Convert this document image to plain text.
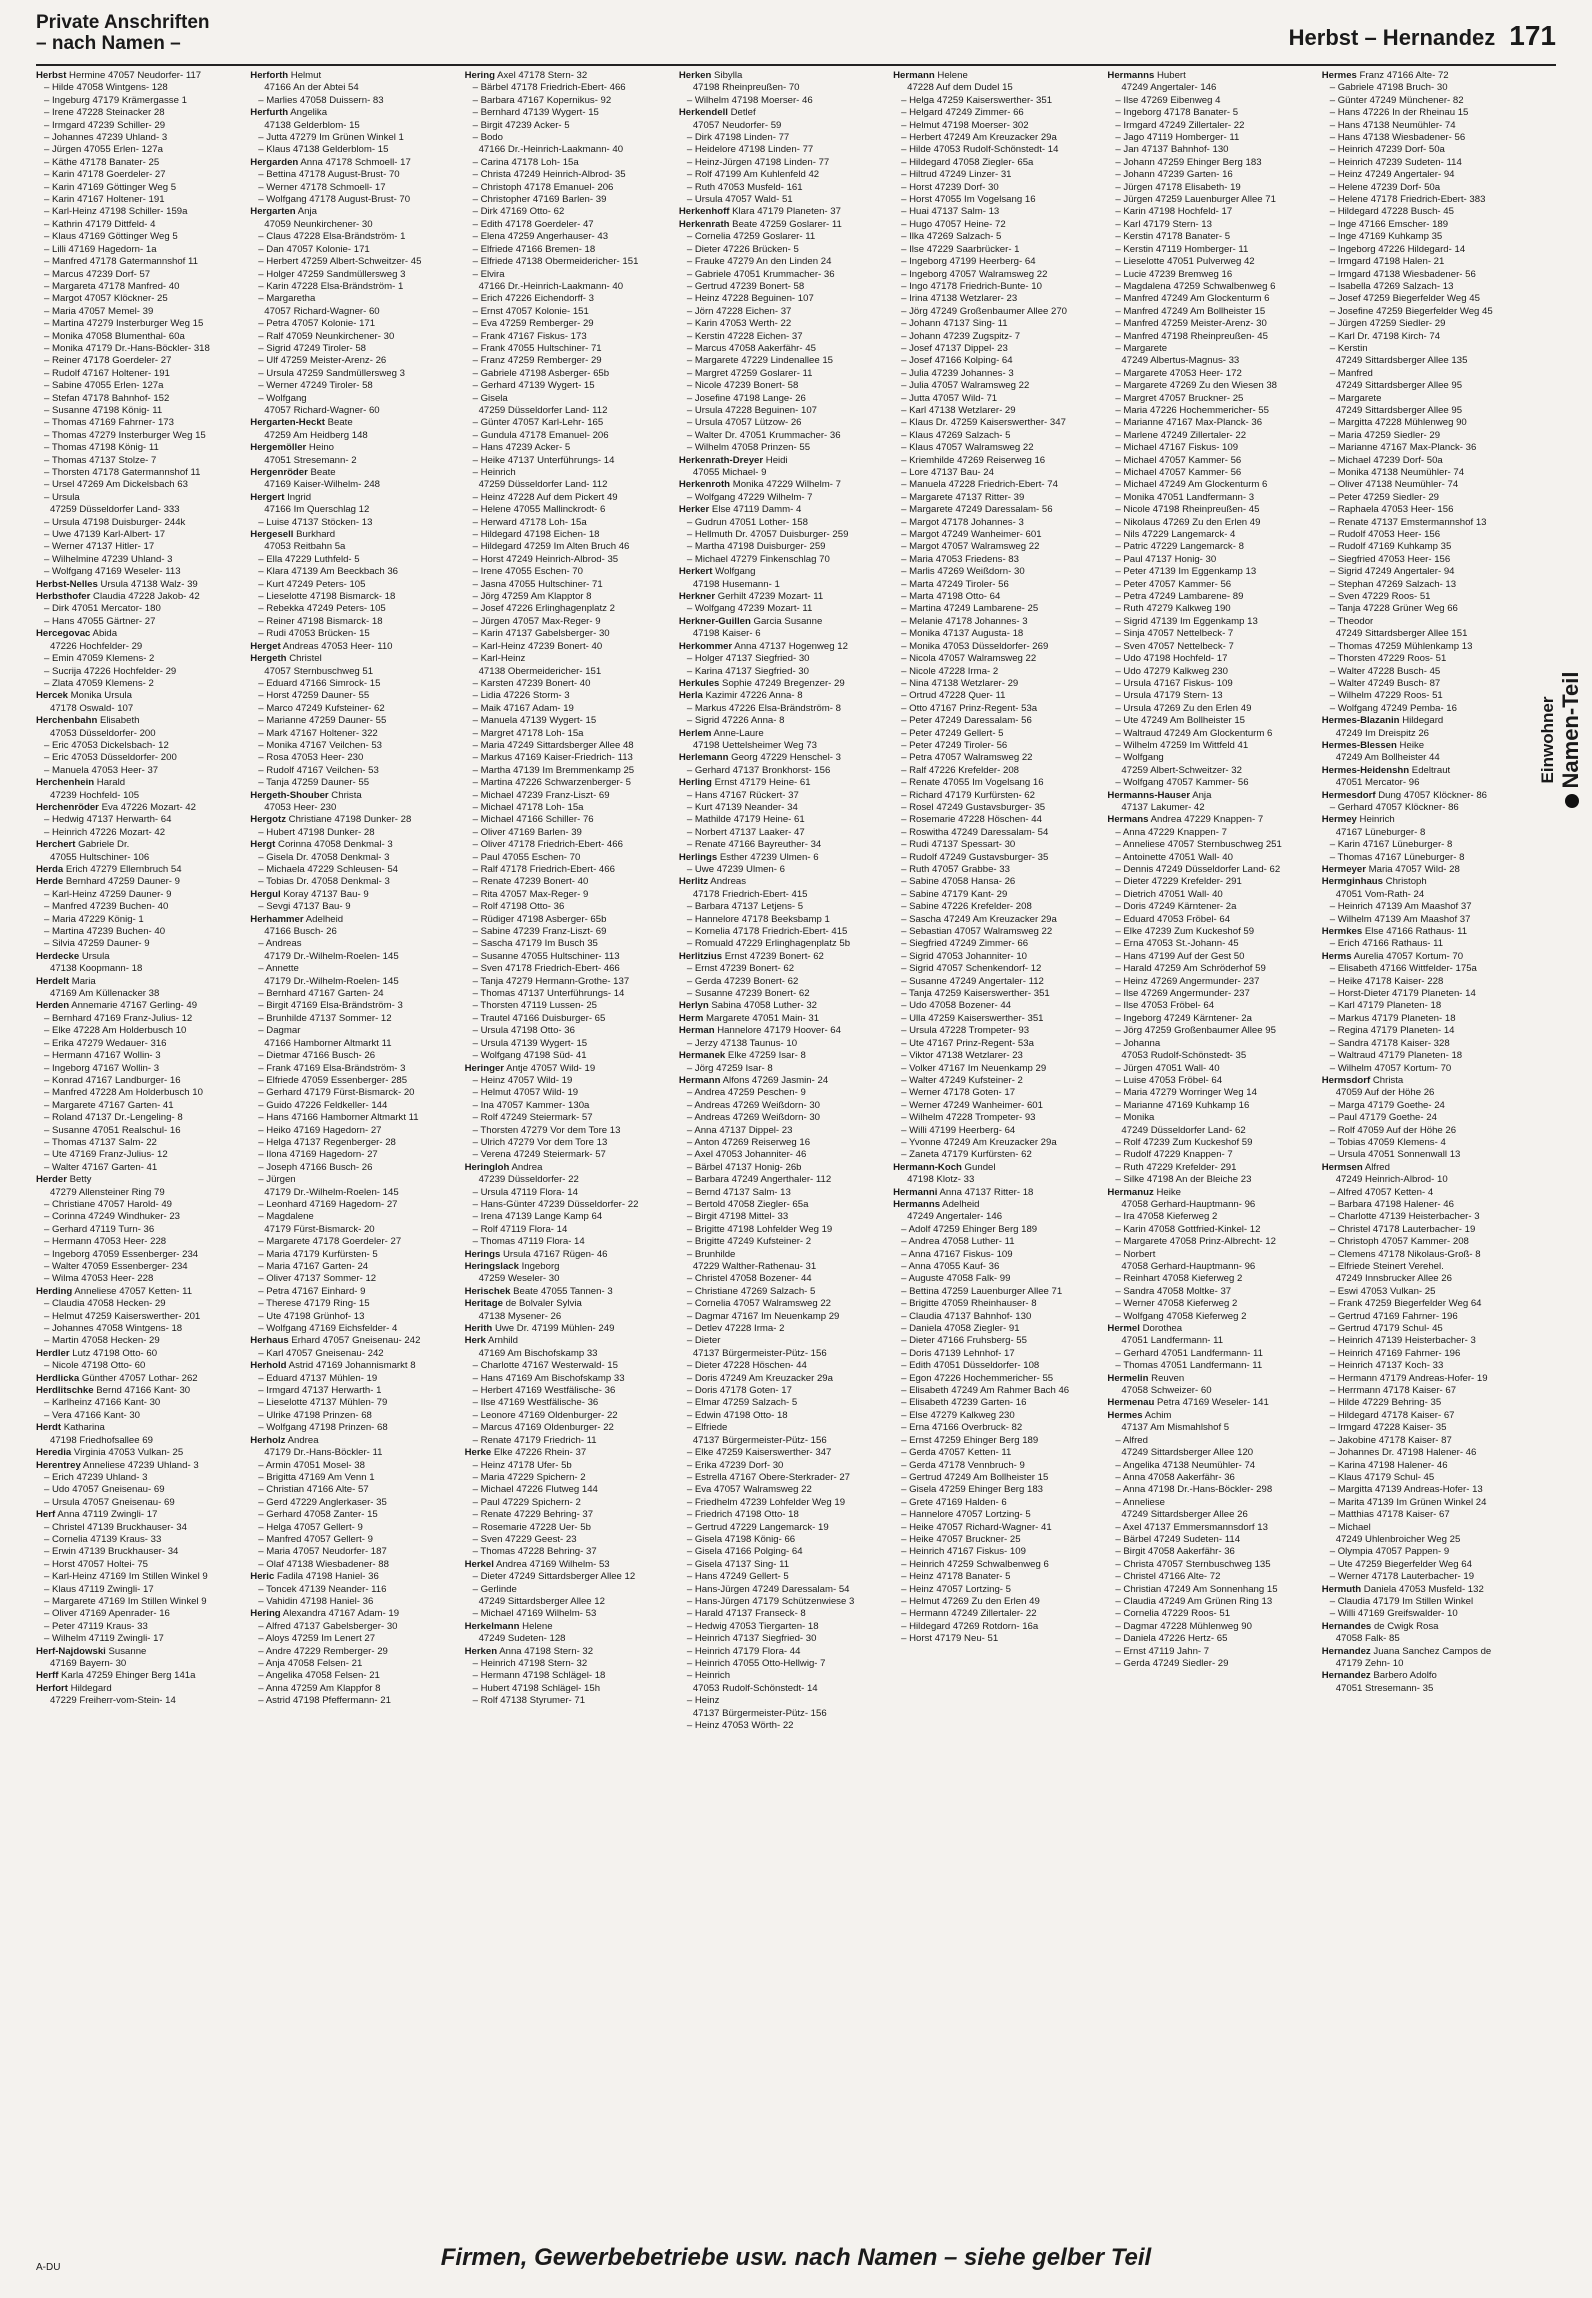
Private Anschriften
– nach Namen –	Herbst – Hernandez 171
Herbst Hermine 47057 Neudorfer- 117
– Hilde 47058 Wintgens- 128
– Ingeburg 47179 Krämergasse 1
– Irene 47228 Steinacker 28
– Irmgard 47239 Schiller- 29
– Johannes 47239 Uhland- 3
– Jürgen 47055 Erlen- 127a
– Käthe 47178 Banater- 25
– Karin 47178 Goerdeler- 27
– Karin 47169 Göttinger Weg 5
– Karin 47167 Holtener- 191
– Karl-Heinz 47198 Schiller- 159a
– Kathrin 47179 Dittfeld- 4
– Klaus 47169 Göttinger Weg 5
– Lilli 47169 Hagedorn- 1a
– Manfred 47178 Gatermannshof 11
– Marcus 47239 Dorf- 57
– Margareta 47178 Manfred- 40
– Margot 47057 Klöckner- 25
– Maria 47057 Memel- 39
– Martina 47279 Insterburger Weg 15
– Monika 47058 Blumenthal- 60a
– Monika 47179 Dr.-Hans-Böckler- 318
– Reiner 47178 Goerdeler- 27
– Rudolf 47167 Holtener- 191
– Sabine 47055 Erlen- 127a
– Stefan 47178 Bahnhof- 152
– Susanne 47198 König- 11
– Thomas 47169 Fahrner- 173
– Thomas 47279 Insterburger Weg 15
– Thomas 47198 König- 11
– Thomas 47137 Stolze- 7
– Thorsten 47178 Gatermannshof 11
– Ursel 47269 Am Dickelsbach 63
– Ursula
47259 Düsseldorfer Land- 333
– Ursula 47198 Duisburger- 244k
– Uwe 47139 Karl-Albert- 17
– Werner 47137 Hitler- 17
– Wilhelmine 47239 Uhland- 3
– Wolfgang 47169 Weseler- 113
Herbst-Nelles Ursula 47138 Walz- 39
Herbsthofer Claudia 47228 Jakob- 42
– Dirk 47051 Mercator- 180
– Hans 47055 Gärtner- 27
Hercegovac Abida
47226 Hochfelder- 29
– Emin 47059 Klemens- 2
– Sucrija 47226 Hochfelder- 29
– Zlata 47059 Klemens- 2
Hercek Monika Ursula
47178 Oswald- 107
Herchenbahn Elisabeth
47053 Düsseldorfer- 200
– Eric 47053 Dickelsbach- 12
– Eric 47053 Düsseldorfer- 200
– Manuela 47053 Heer- 37
Herchenhein Harald
47239 Hochfeld- 105
Herchenröder Eva 47226 Mozart- 42
– Hedwig 47137 Herwarth- 64
– Heinrich 47226 Mozart- 42
Herchert Gabriele Dr.
47055 Hultschiner- 106
Herda Erich 47279 Ellernbruch 54
Herde Bernhard 47259 Dauner- 9
– Karl-Heinz 47259 Dauner- 9
– Manfred 47239 Buchen- 40
– Maria 47229 König- 1
– Martina 47239 Buchen- 40
– Silvia 47259 Dauner- 9
Herdecke Ursula
47138 Koopmann- 18
Herdelt Maria
47169 Am Küllenacker 38
Herden Annemarie 47167 Gerling- 49
– Bernhard 47169 Franz-Julius- 12
– Elke 47228 Am Holderbusch 10
– Erika 47279 Wedauer- 316
– Hermann 47167 Wollin- 3
– Ingeborg 47167 Wollin- 3
– Konrad 47167 Landburger- 16
– Manfred 47228 Am Holderbusch 10
– Margarete 47167 Garten- 41
– Roland 47137 Dr.-Lengeling- 8
– Susanne 47051 Realschul- 16
– Thomas 47137 Salm- 22
– Ute 47169 Franz-Julius- 12
– Walter 47167 Garten- 41
Herder Betty
47279 Allensteiner Ring 79
– Christiane 47057 Harold- 49
– Corinna 47249 Windhuker- 23
– Gerhard 47119 Turn- 36
– Hermann 47053 Heer- 228
– Ingeborg 47059 Essenberger- 234
– Walter 47059 Essenberger- 234
– Wilma 47053 Heer- 228
Herding Anneliese 47057 Ketten- 11
– Claudia 47058 Hecken- 29
– Helmut 47259 Kaiserswerther- 201
– Johannes 47058 Wintgens- 18
– Martin 47058 Hecken- 29
Herdler Lutz 47198 Otto- 60
– Nicole 47198 Otto- 60
Herdlicka Günther 47057 Lothar- 262
Herdlitschke Bernd 47166 Kant- 30
– Karlheinz 47166 Kant- 30
– Vera 47166 Kant- 30
Herdt Katharina
47198 Friedhofsallee 69
Heredia Virginia 47053 Vulkan- 25
Herentrey Anneliese 47239 Uhland- 3
– Erich 47239 Uhland- 3
– Udo 47057 Gneisenau- 69
– Ursula 47057 Gneisenau- 69
Herf Anna 47119 Zwingli- 17
– Christel 47139 Bruckhauser- 34
– Cornelia 47139 Kraus- 33
– Erwin 47139 Bruckhauser- 34
– Horst 47057 Holtei- 75
– Karl-Heinz 47169 Im Stillen Winkel 9
– Klaus 47119 Zwingli- 17
– Margarete 47169 Im Stillen Winkel 9
– Oliver 47169 Apenrader- 16
– Peter 47119 Kraus- 33
– Wilhelm 47119 Zwingli- 17
Herf-Najdowski Susanne
47169 Bayern- 30
Herff Karla 47259 Ehinger Berg 141a
Herfort Hildegard
47229 Freiherr-vom-Stein- 14
Herforth Helmut
47166 An der Abtei 54
– Marlies 47058 Duissern- 83
Herfurth Angelika
47138 Gelderblom- 15
– Jutta 47279 Im Grünen Winkel 1
– Klaus 47138 Gelderblom- 15
Hergarden Anna 47178 Schmoell- 17
– Bettina 47178 August-Brust- 70
– Werner 47178 Schmoell- 17
– Wolfgang 47178 August-Brust- 70
Hergarten Anja
47059 Neunkirchener- 30
– Claus 47228 Elsa-Brändström- 1
– Dan 47057 Kolonie- 171
– Herbert 47259 Albert-Schweitzer- 45
– Holger 47259 Sandmüllersweg 3
– Karin 47228 Elsa-Brändström- 1
– Margaretha
47057 Richard-Wagner- 60
– Petra 47057 Kolonie- 171
– Ralf 47059 Neunkirchener- 30
– Sigrid 47249 Tiroler- 58
– Ulf 47259 Meister-Arenz- 26
– Ursula 47259 Sandmüllersweg 3
– Werner 47249 Tiroler- 58
– Wolfgang
47057 Richard-Wagner- 60
Hergarten-Heckt Beate
47259 Am Heidberg 148
Hergemöller Heino
47051 Stresemann- 2
Hergenröder Beate
47169 Kaiser-Wilhelm- 248
Hergert Ingrid
47166 Im Querschlag 12
– Luise 47137 Stöcken- 13
Hergesell Burkhard
47053 Reitbahn 5a
– Ella 47229 Luthfeld- 5
– Klara 47139 Am Beeckbach 36
– Kurt 47249 Peters- 105
– Lieselotte 47198 Bismarck- 18
– Rebekka 47249 Peters- 105
– Reiner 47198 Bismarck- 18
– Rudi 47053 Brücken- 15
Herget Andreas 47053 Heer- 110
Hergeth Christel
47057 Sternbuschweg 51
– Eduard 47166 Simrock- 15
– Horst 47259 Dauner- 55
– Marco 47249 Kufsteiner- 62
– Marianne 47259 Dauner- 55
– Mark 47167 Holtener- 322
– Monika 47167 Veilchen- 53
– Rosa 47053 Heer- 230
– Rudolf 47167 Veilchen- 53
– Tanja 47259 Dauner- 55
Hergeth-Shouber Christa
47053 Heer- 230
Hergotz Christiane 47198 Dunker- 28
– Hubert 47198 Dunker- 28
Hergt Corinna 47058 Denkmal- 3
– Gisela Dr. 47058 Denkmal- 3
– Michaela 47229 Schleusen- 54
– Tobias Dr. 47058 Denkmal- 3
Hergul Koray 47137 Bau- 9
– Sevgi 47137 Bau- 9
Herhammer Adelheid
47166 Busch- 26
– Andreas
47179 Dr.-Wilhelm-Roelen- 145
– Annette
47179 Dr.-Wilhelm-Roelen- 145
– Bernhard 47167 Garten- 24
– Birgit 47169 Elsa-Brändström- 3
– Brunhilde 47137 Sommer- 12
– Dagmar
47166 Hamborner Altmarkt 11
– Dietmar 47166 Busch- 26
– Frank 47169 Elsa-Brändström- 3
– Elfriede 47059 Essenberger- 285
– Gerhard 47179 Fürst-Bismarck- 20
– Guido 47226 Feldkeller- 144
– Hans 47166 Hamborner Altmarkt 11
– Heiko 47169 Hagedorn- 27
– Helga 47137 Regenberger- 28
– Ilona 47169 Hagedorn- 27
– Joseph 47166 Busch- 26
– Jürgen
47179 Dr.-Wilhelm-Roelen- 145
– Leonhard 47169 Hagedorn- 27
– Magdalene
47179 Fürst-Bismarck- 20
– Margarete 47178 Goerdeler- 27
– Maria 47179 Kurfürsten- 5
– Maria 47167 Garten- 24
– Oliver 47137 Sommer- 12
– Petra 47167 Einhard- 9
– Therese 47179 Ring- 15
– Ute 47198 Grünhof- 13
– Wolfgang 47169 Eichsfelder- 4
Herhaus Erhard 47057 Gneisenau- 242
– Karl 47057 Gneisenau- 242
Herhold Astrid 47169 Johannismarkt 8
– Eduard 47137 Mühlen- 19
– Irmgard 47137 Herwarth- 1
– Lieselotte 47137 Mühlen- 79
– Ulrike 47198 Prinzen- 68
– Wolfgang 47198 Prinzen- 68
Herholz Andrea
47179 Dr.-Hans-Böckler- 11
– Armin 47051 Mosel- 38
– Brigitta 47169 Am Venn 1
– Christian 47166 Alte- 57
– Gerd 47229 Anglerkaser- 35
– Gerhard 47058 Zanter- 15
– Helga 47057 Gellert- 9
– Manfred 47057 Gellert- 9
– Maria 47057 Neudorfer- 187
– Olaf 47138 Wiesbadener- 88
Heric Fadila 47198 Haniel- 36
– Toncek 47139 Neander- 116
– Vahidin 47198 Haniel- 36
Hering Alexandra 47167 Adam- 19
– Alfred 47137 Gabelsberger- 30
– Aloys 47259 Im Lenert 27
– Andre 47229 Remberger- 29
– Anja 47058 Felsen- 21
– Angelika 47058 Felsen- 21
– Anna 47259 Am Klappfor 8
– Astrid 47198 Pfeffermann- 21
Hering Axel 47178 Stern- 32
– Bärbel 47178 Friedrich-Ebert- 466
– Barbara 47167 Kopernikus- 92
– Bernhard 47139 Wygert- 15
– Birgit 47239 Acker- 5
– Bodo
47166 Dr.-Heinrich-Laakmann- 40
– Carina 47178 Loh- 15a
– Christa 47249 Heinrich-Albrod- 35
– Christoph 47178 Emanuel- 206
– Christopher 47169 Barlen- 39
– Dirk 47169 Otto- 62
– Edith 47178 Goerdeler- 47
– Elena 47259 Angerhauser- 43
– Elfriede 47166 Bremen- 18
– Elfriede 47138 Obermeidericher- 151
– Elvira
47166 Dr.-Heinrich-Laakmann- 40
– Erich 47226 Eichendorff- 3
– Ernst 47057 Kolonie- 151
– Eva 47259 Remberger- 29
– Frank 47167 Fiskus- 173
– Frank 47055 Hultschiner- 71
– Franz 47259 Remberger- 29
– Gabriele 47198 Asberger- 65b
– Gerhard 47139 Wygert- 15
– Gisela
47259 Düsseldorfer Land- 112
– Günter 47057 Karl-Lehr- 165
– Gundula 47178 Emanuel- 206
– Hans 47239 Acker- 5
– Heike 47137 Unterführungs- 14
– Heinrich
47259 Düsseldorfer Land- 112
– Heinz 47228 Auf dem Pickert 49
– Helene 47055 Mallinckrodt- 6
– Herward 47178 Loh- 15a
– Hildegard 47198 Eichen- 18
– Hildegard 47259 Im Alten Bruch 46
– Horst 47249 Heinrich-Albrod- 35
– Irene 47055 Eschen- 70
– Jasna 47055 Hultschiner- 71
– Jörg 47259 Am Klapptor 8
– Josef 47226 Erlinghagenplatz 2
– Jürgen 47057 Max-Reger- 9
– Karin 47137 Gabelsberger- 30
– Karl-Heinz 47239 Bonert- 40
– Karl-Heinz
47138 Obermeidericher- 151
– Karsten 47239 Bonert- 40
– Lidia 47226 Storm- 3
– Maik 47167 Adam- 19
– Manuela 47139 Wygert- 15
– Margret 47178 Loh- 15a
– Maria 47249 Sittardsberger Allee 48
– Markus 47169 Kaiser-Friedrich- 113
– Martha 47139 Im Bremmenkamp 25
– Martina 47226 Schwarzenberger- 5
– Michael 47239 Franz-Liszt- 69
– Michael 47178 Loh- 15a
– Michael 47166 Schiller- 76
– Oliver 47169 Barlen- 39
– Oliver 47178 Friedrich-Ebert- 466
– Paul 47055 Eschen- 70
– Ralf 47178 Friedrich-Ebert- 466
– Renate 47239 Bonert- 40
– Rita 47057 Max-Reger- 9
– Rolf 47198 Otto- 36
– Rüdiger 47198 Asberger- 65b
– Sabine 47239 Franz-Liszt- 69
– Sascha 47179 Im Busch 35
– Susanne 47055 Hultschiner- 113
– Sven 47178 Friedrich-Ebert- 466
– Tanja 47279 Hermann-Grothe- 137
– Thomas 47137 Unterführungs- 14
– Thorsten 47119 Lussen- 25
– Trautel 47166 Duisburger- 65
– Ursula 47198 Otto- 36
– Ursula 47139 Wygert- 15
– Wolfgang 47198 Süd- 41
Heringer Antje 47057 Wild- 19
– Heinz 47057 Wild- 19
– Helmut 47057 Wild- 19
– Ina 47057 Kammer- 130a
– Rolf 47249 Steiermark- 57
– Thorsten 47279 Vor dem Tore 13
– Ulrich 47279 Vor dem Tore 13
– Verena 47249 Steiermark- 57
Heringloh Andrea
47239 Düsseldorfer- 22
– Ursula 47119 Flora- 14
– Hans-Günter 47239 Düsseldorfer- 22
– Irena 47139 Lange Kamp 64
– Rolf 47119 Flora- 14
– Thomas 47119 Flora- 14
Herings Ursula 47167 Rügen- 46
Heringslack Ingeborg
47259 Weseler- 30
Herischek Beate 47055 Tannen- 3
Heritage de Bolvaler Sylvia
47138 Mysener- 26
Herith Uwe Dr. 47199 Mühlen- 249
Herk Arnhild
47169 Am Bischofskamp 33
– Charlotte 47167 Westerwald- 15
– Hans 47169 Am Bischofskamp 33
– Herbert 47169 Westfälische- 36
– Ilse 47169 Westfälische- 36
– Leonore 47169 Oldenburger- 22
– Marcus 47169 Oldenburger- 22
– Renate 47179 Friedrich- 11
Herke Elke 47226 Rhein- 37
– Heinz 47178 Ufer- 5b
– Maria 47229 Spichern- 2
– Michael 47226 Flutweg 144
– Paul 47229 Spichern- 2
– Renate 47229 Behring- 37
– Rosemarie 47228 Uer- 5b
– Sven 47229 Geest- 23
– Thomas 47228 Behring- 37
Herkel Andrea 47169 Wilhelm- 53
– Dieter 47249 Sittardsberger Allee 12
– Gerlinde
47249 Sittardsberger Allee 12
– Michael 47169 Wilhelm- 53
Herkelmann Helene
47249 Sudeten- 128
Herken Anna 47198 Stern- 32
– Heinrich 47198 Stern- 32
– Hermann 47198 Schlägel- 18
– Hubert 47198 Schlägel- 15h
– Rolf 47138 Styrumer- 71
Herken Sibylla
47198 Rheinpreußen- 70
– Wilhelm 47198 Moerser- 46
Herkendell Detlef
47057 Neudorfer- 59
– Dirk 47198 Linden- 77
– Heidelore 47198 Linden- 77
– Heinz-Jürgen 47198 Linden- 77
– Rolf 47199 Am Kuhlenfeld 42
– Ruth 47053 Musfeld- 161
– Ursula 47057 Wald- 51
Herkenhoff Klara 47179 Planeten- 37
Herkenrath Beate 47259 Goslarer- 11
– Cornelia 47259 Goslarer- 11
– Dieter 47226 Brücken- 5
– Frauke 47279 An den Linden 24
– Gabriele 47051 Krummacher- 36
– Gertrud 47239 Bonert- 58
– Heinz 47228 Beguinen- 107
– Jörn 47228 Eichen- 37
– Karin 47053 Werth- 22
– Kerstin 47228 Eichen- 37
– Marcus 47058 Aakerfähr- 45
– Margarete 47229 Lindenallee 15
– Margret 47259 Goslarer- 11
– Nicole 47239 Bonert- 58
– Josefine 47198 Lange- 26
– Ursula 47228 Beguinen- 107
– Ursula 47057 Lützow- 26
– Walter Dr. 47051 Krummacher- 36
– Wilhelm 47058 Prinzen- 55
Herkenrath-Dreyer Heidi
47055 Michael- 9
Herkenroth Monika 47229 Wilhelm- 7
– Wolfgang 47229 Wilhelm- 7
Herker Else 47119 Damm- 4
– Gudrun 47051 Lother- 158
– Hellmuth Dr. 47057 Duisburger- 259
– Martha 47198 Duisburger- 259
– Michael 47279 Finkenschlag 70
Herkert Wolfgang
47198 Husemann- 1
Herkner Gerhilt 47239 Mozart- 11
– Wolfgang 47239 Mozart- 11
Herkner-Guillen Garcia Susanne
47198 Kaiser- 6
Herkommer Anna 47137 Hogenweg 12
– Holger 47137 Siegfried- 30
– Karina 47137 Siegfried- 30
Herkules Sophie 47249 Bregenzer- 29
Herla Kazimir 47226 Anna- 8
– Markus 47226 Elsa-Brändström- 8
– Sigrid 47226 Anna- 8
Herlem Anne-Laure
47198 Uettelsheimer Weg 73
Herlemann Georg 47229 Henschel- 3
– Gerhard 47137 Bronkhorst- 156
Herling Ernst 47179 Heine- 61
– Hans 47167 Rückert- 37
– Kurt 47139 Neander- 34
– Mathilde 47179 Heine- 61
– Norbert 47137 Laaker- 47
– Renate 47166 Bayreuther- 34
Herlings Esther 47239 Ulmen- 6
– Uwe 47239 Ulmen- 6
Herlitz Andreas
47178 Friedrich-Ebert- 415
– Barbara 47137 Letjens- 5
– Hannelore 47178 Beeksbamp 1
– Kornelia 47178 Friedrich-Ebert- 415
– Romuald 47229 Erlinghagenplatz 5b
Herlitzius Ernst 47239 Bonert- 62
– Ernst 47239 Bonert- 62
– Gerda 47239 Bonert- 62
– Susanne 47239 Bonert- 62
Herlyn Sabina 47058 Luther- 32
Herm Margarete 47051 Main- 31
Herman Hannelore 47179 Hoover- 64
– Jerzy 47138 Taunus- 10
Hermanek Elke 47259 Isar- 8
– Jörg 47259 Isar- 8
Hermann Alfons 47269 Jasmin- 24
– Andrea 47259 Peschen- 9
– Andreas 47269 Weißdorn- 30
– Andreas 47269 Weißdorn- 30
– Anna 47137 Dippel- 23
– Anton 47269 Reiserweg 16
– Axel 47053 Johanniter- 46
– Bärbel 47137 Honig- 26b
– Barbara 47249 Angerthaler- 112
– Bernd 47137 Salm- 13
– Bertold 47058 Ziegler- 65a
– Birgit 47198 Mittel- 33
– Brigitte 47198 Lohfelder Weg 19
– Brigitte 47249 Kufsteiner- 2
– Brunhilde
47229 Walther-Rathenau- 31
– Christel 47058 Bozener- 44
– Christiane 47269 Salzach- 5
– Cornelia 47057 Walramsweg 22
– Dagmar 47167 Im Neuenkamp 29
– Detlev 47228 Irma- 2
– Dieter
47137 Bürgermeister-Pütz- 156
– Dieter 47228 Höschen- 44
– Doris 47249 Am Kreuzacker 29a
– Doris 47178 Goten- 17
– Elmar 47259 Salzach- 5
– Edwin 47198 Otto- 18
– Elfriede
47137 Bürgermeister-Pütz- 156
– Elke 47259 Kaiserswerther- 347
– Erika 47239 Dorf- 30
– Estrella 47167 Obere-Sterkrader- 27
– Eva 47057 Walramsweg 22
– Friedhelm 47239 Lohfelder Weg 19
– Friedrich 47198 Otto- 18
– Gertrud 47229 Langemarck- 19
– Gisela 47198 König- 66
– Gisela 47166 Polging- 64
– Gisela 47137 Sing- 11
– Hans 47249 Gellert- 5
– Hans-Jürgen 47249 Daressalam- 54
– Hans-Jürgen 47179 Schützenwiese 3
– Harald 47137 Franseck- 8
– Hedwig 47053 Tiergarten- 18
– Heinrich 47137 Siegfried- 30
– Heinrich 47179 Flora- 44
– Heinrich 47055 Otto-Hellwig- 7
– Heinrich
47053 Rudolf-Schönstedt- 14
– Heinz
47137 Bürgermeister-Pütz- 156
– Heinz 47053 Wörth- 22
Hermann Helene
47228 Auf dem Dudel 15
– Helga 47259 Kaiserswerther- 351
– Helgard 47249 Zimmer- 66
– Helmut 47198 Moerser- 302
– Herbert 47249 Am Kreuzacker 29a
– Hilde 47053 Rudolf-Schönstedt- 14
– Hildegard 47058 Ziegler- 65a
– Hiltrud 47249 Linzer- 31
– Horst 47239 Dorf- 30
– Horst 47055 Im Vogelsang 16
– Huai 47137 Salm- 13
– Hugo 47057 Heine- 72
– Ilka 47269 Salzach- 5
– Ilse 47229 Saarbrücker- 1
– Ingeborg 47199 Heerberg- 64
– Ingeborg 47057 Walramsweg 22
– Ingo 47178 Friedrich-Bunte- 10
– Irina 47138 Wetzlarer- 23
– Jörg 47249 Großenbaumer Allee 270
– Johann 47137 Sing- 11
– Johann 47239 Zugspitz- 7
– Josef 47137 Dippel- 23
– Josef 47166 Kolping- 64
– Julia 47239 Johannes- 3
– Julia 47057 Walramsweg 22
– Jutta 47057 Wild- 71
– Karl 47138 Wetzlarer- 29
– Klaus Dr. 47259 Kaiserswerther- 347
– Klaus 47269 Salzach- 5
– Klaus 47057 Walramsweg 22
– Kriemhilde 47269 Reiserweg 16
– Lore 47137 Bau- 24
– Manuela 47228 Friedrich-Ebert- 74
– Margarete 47137 Ritter- 39
– Margarete 47249 Daressalam- 56
– Margot 47178 Johannes- 3
– Margot 47249 Wanheimer- 601
– Margot 47057 Walramsweg 22
– Maria 47053 Friedens- 83
– Marlis 47269 Weißdorn- 30
– Marta 47249 Tiroler- 56
– Marta 47198 Otto- 64
– Martina 47249 Lambarene- 25
– Melanie 47178 Johannes- 3
– Monika 47137 Augusta- 18
– Monika 47053 Düsseldorfer- 269
– Nicola 47057 Walramsweg 22
– Nicole 47228 Irma- 2
– Nina 47138 Wetzlarer- 29
– Ortrud 47228 Quer- 11
– Otto 47167 Prinz-Regent- 53a
– Peter 47249 Daressalam- 56
– Peter 47249 Gellert- 5
– Peter 47249 Tiroler- 56
– Petra 47057 Walramsweg 22
– Ralf 47226 Krefelder- 208
– Renate 47055 Im Vogelsang 16
– Richard 47179 Kurfürsten- 62
– Rosel 47249 Gustavsburger- 35
– Rosemarie 47228 Höschen- 44
– Roswitha 47249 Daressalam- 54
– Rudi 47137 Spessart- 30
– Rudolf 47249 Gustavsburger- 35
– Ruth 47057 Grabbe- 33
– Sabine 47058 Hansa- 26
– Sabine 47179 Kant- 29
– Sabine 47226 Krefelder- 208
– Sascha 47249 Am Kreuzacker 29a
– Sebastian 47057 Walramsweg 22
– Siegfried 47249 Zimmer- 66
– Sigrid 47053 Johanniter- 10
– Sigrid 47057 Schenkendorf- 12
– Susanne 47249 Angertaler- 112
– Tanja 47259 Kaiserswerther- 351
– Udo 47058 Bozener- 44
– Ulla 47259 Kaiserswerther- 351
– Ursula 47228 Trompeter- 93
– Ute 47167 Prinz-Regent- 53a
– Viktor 47138 Wetzlarer- 23
– Volker 47167 Im Neuenkamp 29
– Walter 47249 Kufsteiner- 2
– Werner 47178 Goten- 17
– Werner 47249 Wanheimer- 601
– Wilhelm 47228 Trompeter- 93
– Willi 47199 Heerberg- 64
– Yvonne 47249 Am Kreuzacker 29a
– Zaneta 47179 Kurfürsten- 62
Hermann-Koch Gundel
47198 Klotz- 33
Hermanni Anna 47137 Ritter- 18
Hermanns Adelheid
47249 Angertaler- 146
– Adolf 47259 Ehinger Berg 189
– Andrea 47058 Luther- 11
– Anna 47167 Fiskus- 109
– Anna 47055 Kauf- 36
– Auguste 47058 Falk- 99
– Bettina 47259 Lauenburger Allee 71
– Brigitte 47059 Rheinhauser- 8
– Claudia 47137 Bahnhof- 130
– Daniela 47058 Ziegler- 91
– Dieter 47166 Fruhsberg- 55
– Doris 47139 Lehnhof- 17
– Edith 47051 Düsseldorfer- 108
– Egon 47226 Hochemmericher- 55
– Elisabeth 47249 Am Rahmer Bach 46
– Elisabeth 47239 Garten- 16
– Else 47279 Kalkweg 230
– Erna 47166 Overbruck- 82
– Ernst 47259 Ehinger Berg 189
– Gerda 47057 Ketten- 11
– Gerda 47178 Vennbruch- 9
– Gertrud 47249 Am Bollheister 15
– Gisela 47259 Ehinger Berg 183
– Grete 47169 Halden- 6
– Hannelore 47057 Lortzing- 5
– Heike 47057 Richard-Wagner- 41
– Heike 47057 Bruckner- 25
– Heinrich 47167 Fiskus- 109
– Heinrich 47259 Schwalbenweg 6
– Heinz 47178 Banater- 5
– Heinz 47057 Lortzing- 5
– Helmut 47269 Zu den Erlen 49
– Hermann 47249 Zillertaler- 22
– Hildegard 47269 Rotdorn- 16a
– Horst 47179 Neu- 51
Hermanns Hubert
47249 Angertaler- 146
– Ilse 47269 Eibenweg 4
– Ingeborg 47178 Banater- 5
– Irmgard 47249 Zillertaler- 22
– Jago 47119 Homberger- 11
– Jan 47137 Bahnhof- 130
– Johann 47259 Ehinger Berg 183
– Johann 47239 Garten- 16
– Jürgen 47178 Elisabeth- 19
– Jürgen 47259 Lauenburger Allee 71
– Karin 47198 Hochfeld- 17
– Karl 47179 Stern- 13
– Kerstin 47178 Banater- 5
– Kerstin 47119 Homberger- 11
– Lieselotte 47051 Pulverweg 42
– Lucie 47239 Bremweg 16
– Magdalena 47259 Schwalbenweg 6
– Manfred 47249 Am Glockenturm 6
– Manfred 47249 Am Bollheister 15
– Manfred 47259 Meister-Arenz- 30
– Manfred 47198 Rheinpreußen- 45
– Margarete
47249 Albertus-Magnus- 33
– Margarete 47053 Heer- 172
– Margarete 47269 Zu den Wiesen 38
– Margret 47057 Bruckner- 25
– Maria 47226 Hochemmericher- 55
– Marianne 47167 Max-Planck- 36
– Marlene 47249 Zillertaler- 22
– Michael 47167 Fiskus- 109
– Michael 47057 Kammer- 56
– Michael 47057 Kammer- 56
– Michael 47249 Am Glockenturm 6
– Monika 47051 Landfermann- 3
– Nicole 47198 Rheinpreußen- 45
– Nikolaus 47269 Zu den Erlen 49
– Nils 47229 Langemarck- 4
– Patric 47229 Langemarck- 8
– Paul 47137 Honig- 30
– Peter 47139 Im Eggenkamp 13
– Peter 47057 Kammer- 56
– Petra 47249 Lambarene- 89
– Ruth 47279 Kalkweg 190
– Sigrid 47139 Im Eggenkamp 13
– Sinja 47057 Nettelbeck- 7
– Sven 47057 Nettelbeck- 7
– Udo 47198 Hochfeld- 17
– Udo 47279 Kalkweg 230
– Ursula 47167 Fiskus- 109
– Ursula 47179 Stern- 13
– Ursula 47269 Zu den Erlen 49
– Ute 47249 Am Bollheister 15
– Waltraud 47249 Am Glockenturm 6
– Wilhelm 47259 Im Wittfeld 41
– Wolfgang
47259 Albert-Schweitzer- 32
– Wolfgang 47057 Kammer- 56
Hermanns-Hauser Anja
47137 Lakumer- 42
Hermans Andrea 47229 Knappen- 7
– Anna 47229 Knappen- 7
– Anneliese 47057 Sternbuschweg 251
– Antoinette 47051 Wall- 40
– Dennis 47249 Düsseldorfer Land- 62
– Dieter 47229 Krefelder- 291
– Dietrich 47051 Wall- 40
– Doris 47249 Kärntener- 2a
– Eduard 47053 Fröbel- 64
– Elke 47239 Zum Kuckeshof 59
– Erna 47053 St.-Johann- 45
– Hans 47199 Auf der Gest 50
– Harald 47259 Am Schröderhof 59
– Heinz 47269 Angermunder- 237
– Ilse 47269 Angermunder- 237
– Ilse 47053 Fröbel- 64
– Ingeborg 47249 Kärntener- 2a
– Jörg 47259 Großenbaumer Allee 95
– Johanna
47053 Rudolf-Schönstedt- 35
– Jürgen 47051 Wall- 40
– Luise 47053 Fröbel- 64
– Maria 47279 Worringer Weg 14
– Marianne 47169 Kuhkamp 16
– Monika
47249 Düsseldorfer Land- 62
– Rolf 47239 Zum Kuckeshof 59
– Rudolf 47229 Knappen- 7
– Ruth 47229 Krefelder- 291
– Silke 47198 An der Bleiche 23
Hermanuz Heike
47058 Gerhard-Hauptmann- 96
– Ira 47058 Kieferweg 2
– Karin 47058 Gottfried-Kinkel- 12
– Margarete 47058 Prinz-Albrecht- 12
– Norbert
47058 Gerhard-Hauptmann- 96
– Reinhart 47058 Kieferweg 2
– Sandra 47058 Moltke- 37
– Werner 47058 Kieferweg 2
– Wolfgang 47058 Kieferweg 2
Hermel Dorothea
47051 Landfermann- 11
– Gerhard 47051 Landfermann- 11
– Thomas 47051 Landfermann- 11
Hermelin Reuven
47058 Schweizer- 60
Hermenau Petra 47169 Weseler- 141
Hermes Achim
47137 Am Mismahlshof 5
– Alfred
47249 Sittardsberger Allee 120
– Angelika 47138 Neumühler- 74
– Anna 47058 Aakerfähr- 36
– Anna 47198 Dr.-Hans-Böckler- 298
– Anneliese
47249 Sittardsberger Allee 26
– Axel 47137 Emmersmannsdorf 13
– Bärbel 47249 Sudeten- 114
– Birgit 47058 Aakerfähr- 36
– Christa 47057 Sternbuschweg 135
– Christel 47166 Alte- 72
– Christian 47249 Am Sonnenhang 15
– Claudia 47249 Am Grünen Ring 13
– Cornelia 47229 Roos- 51
– Dagmar 47228 Mühlenweg 90
– Daniela 47226 Hertz- 65
– Ernst 47119 Jahn- 7
– Gerda 47249 Siedler- 29
Hermes Franz 47166 Alte- 72
– Gabriele 47198 Bruch- 30
– Günter 47249 Münchener- 82
– Hans 47226 In der Rheinau 15
– Hans 47138 Neumühler- 74
– Hans 47138 Wiesbadener- 56
– Heinrich 47239 Dorf- 50a
– Heinrich 47239 Sudeten- 114
– Heinz 47249 Angertaler- 94
– Helene 47239 Dorf- 50a
– Helene 47178 Friedrich-Ebert- 383
– Hildegard 47228 Busch- 45
– Inge 47166 Emscher- 189
– Inge 47169 Kuhkamp 35
– Ingeborg 47226 Hildegard- 14
– Irmgard 47198 Halen- 21
– Irmgard 47138 Wiesbadener- 56
– Isabella 47269 Salzach- 13
– Josef 47259 Biegerfelder Weg 45
– Josefine 47259 Biegerfelder Weg 45
– Jürgen 47259 Siedler- 29
– Karl Dr. 47198 Kirch- 74
– Kerstin
47249 Sittardsberger Allee 135
– Manfred
47249 Sittardsberger Allee 95
– Margarete
47249 Sittardsberger Allee 95
– Margitta 47228 Mühlenweg 90
– Maria 47259 Siedler- 29
– Marianne 47167 Max-Planck- 36
– Michael 47239 Dorf- 50a
– Monika 47138 Neumühler- 74
– Oliver 47138 Neumühler- 74
– Peter 47259 Siedler- 29
– Raphaela 47053 Heer- 156
– Renate 47137 Emstermannshof 13
– Rudolf 47053 Heer- 156
– Rudolf 47169 Kuhkamp 35
– Siegfried 47053 Heer- 156
– Sigrid 47249 Angertaler- 94
– Stephan 47269 Salzach- 13
– Sven 47229 Roos- 51
– Tanja 47228 Grüner Weg 66
– Theodor
47249 Sittardsberger Allee 151
– Thomas 47259 Mühlenkamp 13
– Thorsten 47229 Roos- 51
– Walter 47228 Busch- 45
– Walter 47249 Busch- 87
– Wilhelm 47229 Roos- 51
– Wolfgang 47249 Pemba- 16
Hermes-Blazanin Hildegard
47249 Im Dreispitz 26
Hermes-Blessen Heike
47249 Am Bollheister 44
Hermes-Heidenshn Edeltraut
47051 Mercator- 96
Hermesdorf Dung 47057 Klöckner- 86
– Gerhard 47057 Klöckner- 86
Hermey Heinrich
47167 Lüneburger- 8
– Karin 47167 Lüneburger- 8
– Thomas 47167 Lüneburger- 8
Hermeyer Maria 47057 Wild- 28
Hermginhaus Christoph
47051 Vom-Rath- 24
– Heinrich 47139 Am Maashof 37
– Wilhelm 47139 Am Maashof 37
Hermkes Else 47166 Rathaus- 11
– Erich 47166 Rathaus- 11
Herms Aurelia 47057 Kortum- 70
– Elisabeth 47166 Wittfelder- 175a
– Heike 47178 Kaiser- 228
– Horst-Dieter 47179 Planeten- 14
– Karl 47179 Planeten- 18
– Markus 47179 Planeten- 18
– Regina 47179 Planeten- 14
– Sandra 47178 Kaiser- 328
– Waltraud 47179 Planeten- 18
– Wilhelm 47057 Kortum- 70
Hermsdorf Christa
47059 Auf der Höhe 26
– Marga 47179 Goethe- 24
– Paul 47179 Goethe- 24
– Rolf 47059 Auf der Höhe 26
– Tobias 47059 Klemens- 4
– Ursula 47051 Sonnenwall 13
Hermsen Alfred
47249 Heinrich-Albrod- 10
– Alfred 47057 Ketten- 4
– Barbara 47198 Halener- 46
– Charlotte 47139 Heisterbacher- 3
– Christel 47178 Lauterbacher- 19
– Christoph 47057 Kammer- 208
– Clemens 47178 Nikolaus-Groß- 8
– Elfriede Steinert Verehel.
47249 Innsbrucker Allee 26
– Eswi 47053 Vulkan- 25
– Frank 47259 Biegerfelder Weg 64
– Gertrud 47169 Fahrner- 196
– Gertrud 47179 Schul- 45
– Heinrich 47139 Heisterbacher- 3
– Heinrich 47169 Fahrner- 196
– Heinrich 47137 Koch- 33
– Hermann 47179 Andreas-Hofer- 19
– Herrmann 47178 Kaiser- 67
– Hilde 47229 Behring- 35
– Hildegard 47178 Kaiser- 67
– Irmgard 47228 Kaiser- 35
– Jakobine 47178 Kaiser- 87
– Johannes Dr. 47198 Halener- 46
– Karina 47198 Halener- 46
– Klaus 47179 Schul- 45
– Margitta 47139 Andreas-Hofer- 13
– Marita 47139 Im Grünen Winkel 24
– Matthias 47178 Kaiser- 67
– Michael
47249 Uhlenbroicher Weg 25
– Olympia 47057 Pappen- 9
– Ute 47259 Biegerfelder Weg 64
– Werner 47178 Lauterbacher- 19
Hermuth Daniela 47053 Musfeld- 132
– Claudia 47179 Im Stillen Winkel
– Willi 47169 Greifswalder- 10
Hernandes de Cwigk Rosa
47058 Falk- 85
Hernandez Juana Sanchez Campos de
47179 Zehn- 10
Hernandez Barbero Adolfo
47051 Stresemann- 35
Einwohner Namen-Teil
A-DU	Firmen, Gewerbebetriebe usw. nach Namen – siehe gelber Teil
